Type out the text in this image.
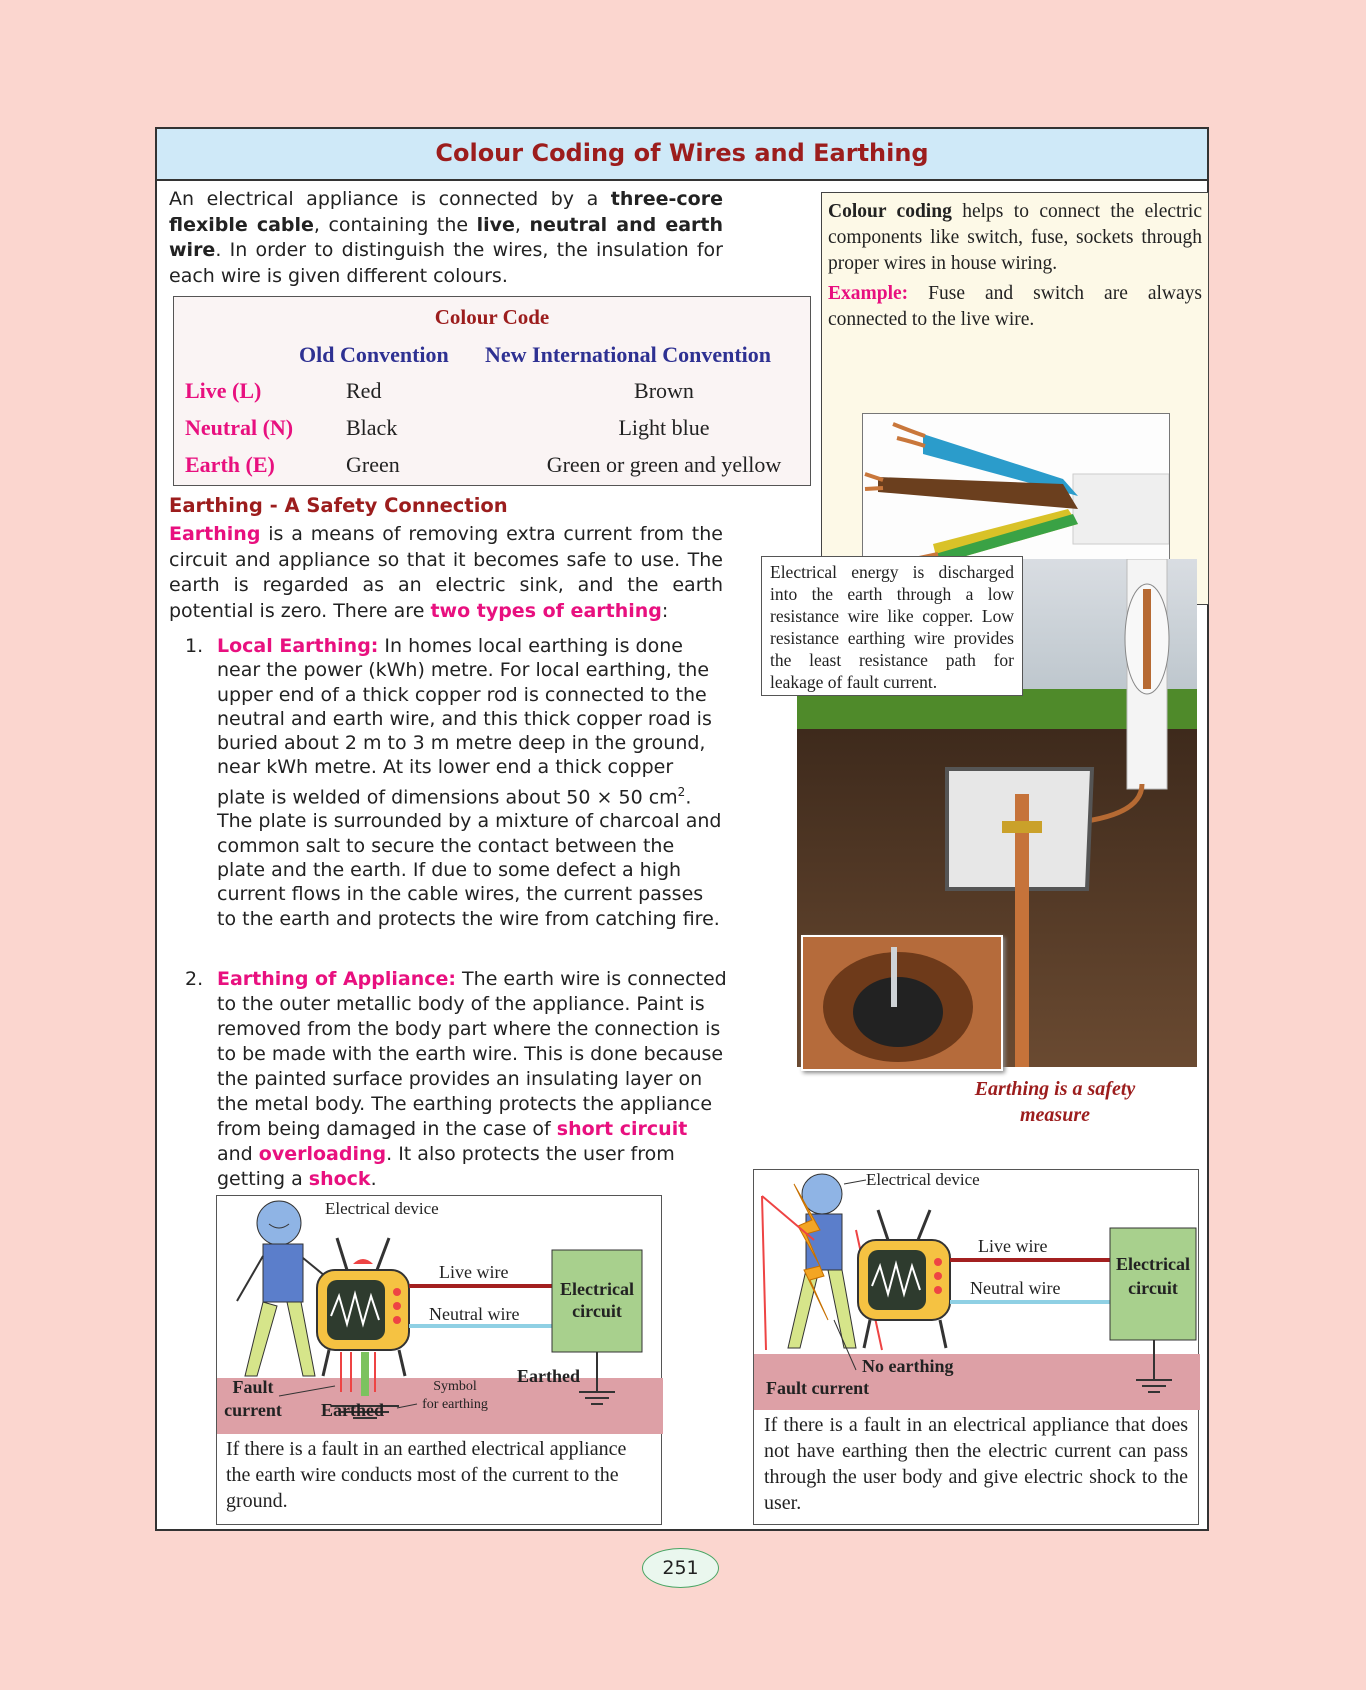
Colour Coding of Wires and Earthing

An electrical appliance is connected by a three-core flexible cable, containing the live, neutral and earth wire. In order to distinguish the wires, the insulation for each wire is given different colours.

Colour Code
Old Convention New International Convention
Live (L)	Red	Brown
Neutral (N) Black	Light blue
Earth (E)	Green	Green or green and yellow

Colour coding helps to connect the electric components like switch, fuse, sockets through proper wires in house wiring.

Example: Fuse and switch are always connected to the live wire.

Earthing - A Safety Connection

Earthing is a means of removing extra current from the circuit and appliance so that it becomes safe to use. The earth is regarded as an electric sink, and the earth potential is zero. There are two types of earthing:

1. Local Earthing: In homes local earthing is done near the power (kWh) metre. For local earthing, the upper end of a thick copper rod is connected to the neutral and earth wire, and this thick copper road is buried about 2 m to 3 m metre deep in the ground, near kWh metre. At its lower end a thick copper plate is welded of dimensions about 50 × 50 $cm^2$. The plate is surrounded by a mixture of charcoal and common salt to secure the contact between the plate and the earth. If due to some defect a high current flows in the cable wires, the current passes to the earth and protects the wire from catching fire.
2. Earthing of Appliance: The earth wire is connected to the outer metallic body of the appliance. Paint is removed from the body part where the connection is to be made with the earth wire. This is done because the painted surface provides an insulating layer on the metal body. The earthing protects the appliance from being damaged in the case of short circuit and overloading. It also protects the user from getting a shock.
Electrical energy is discharged into the earth through a low resistance wire like copper. Low resistance earthing wire provides the least resistance path for leakage of fault current.
Earthing is a safety measure
Electrical device
Live wire
Neutral wire
Electrical
circuit
Earthed
Fault
current Earthed
Symbol
for earthing
If there is a fault in an earthed electrical appliance the earth wire conducts most of the current to the ground.
Electrical device
Live wire
Neutral wire
Electrical
circuit
No earthing
Fault current
If there is a fault in an electrical appliance that does not have earthing then the electric current can pass through the user body and give electric shock to the user.
251
